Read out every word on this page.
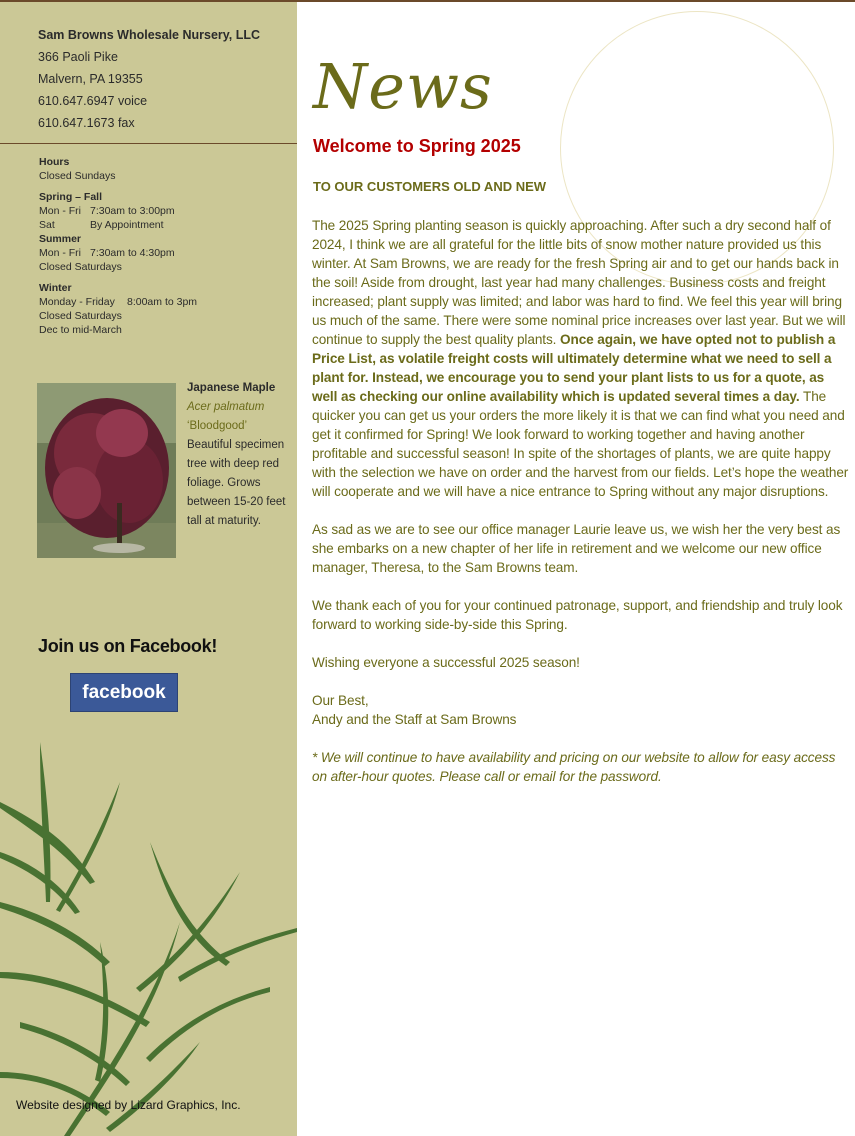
Sam Browns Wholesale Nursery, LLC
366 Paoli Pike
Malvern, PA 19355
610.647.6947 voice
610.647.1673 fax
Hours
Closed Sundays
Spring – Fall
Mon - Fri 7:30am to 3:00pm
Sat	By Appointment
Summer
Mon - Fri 7:30am to 4:30pm
Closed Saturdays
Winter
Monday - Friday 8:00am to 3pm
Closed Saturdays
Dec to mid-March
Japanese Maple
Acer palmatum
‘Bloodgood’
Beautiful specimen tree with deep red foliage. Grows between 15-20 feet tall at maturity.
Join us on Facebook!
facebook
Website designed by Lizard Graphics, Inc.
News
Welcome to Spring 2025
TO OUR CUSTOMERS OLD AND NEW

The 2025 Spring planting season is quickly approaching. After such a dry second half of 2024, I think we are all grateful for the little bits of snow mother nature provided us this winter. At Sam Browns, we are ready for the fresh Spring air and to get our hands back in the soil! Aside from drought, last year had many challenges. Business costs and freight increased; plant supply was limited; and labor was hard to find. We feel this year will bring us much of the same. There were some nominal price increases over last year. But we will continue to supply the best quality plants. Once again, we have opted not to publish a Price List, as volatile freight costs will ultimately determine what we need to sell a plant for. Instead, we encourage you to send your plant lists to us for a quote, as well as checking our online availability which is updated several times a day. The quicker you can get us your orders the more likely it is that we can find what you need and get it confirmed for Spring! We look forward to working together and having another profitable and successful season! In spite of the shortages of plants, we are quite happy with the selection we have on order and the harvest from our fields. Let’s hope the weather will cooperate and we will have a nice entrance to Spring without any major disruptions.

As sad as we are to see our office manager Laurie leave us, we wish her the very best as she embarks on a new chapter of her life in retirement and we welcome our new office manager, Theresa, to the Sam Browns team.

We thank each of you for your continued patronage, support, and friendship and truly look forward to working side-by-side this Spring.

Wishing everyone a successful 2025 season!

Our Best,
Andy and the Staff at Sam Browns

* We will continue to have availability and pricing on our website to allow for easy access on after-hour quotes. Please call or email for the password.
